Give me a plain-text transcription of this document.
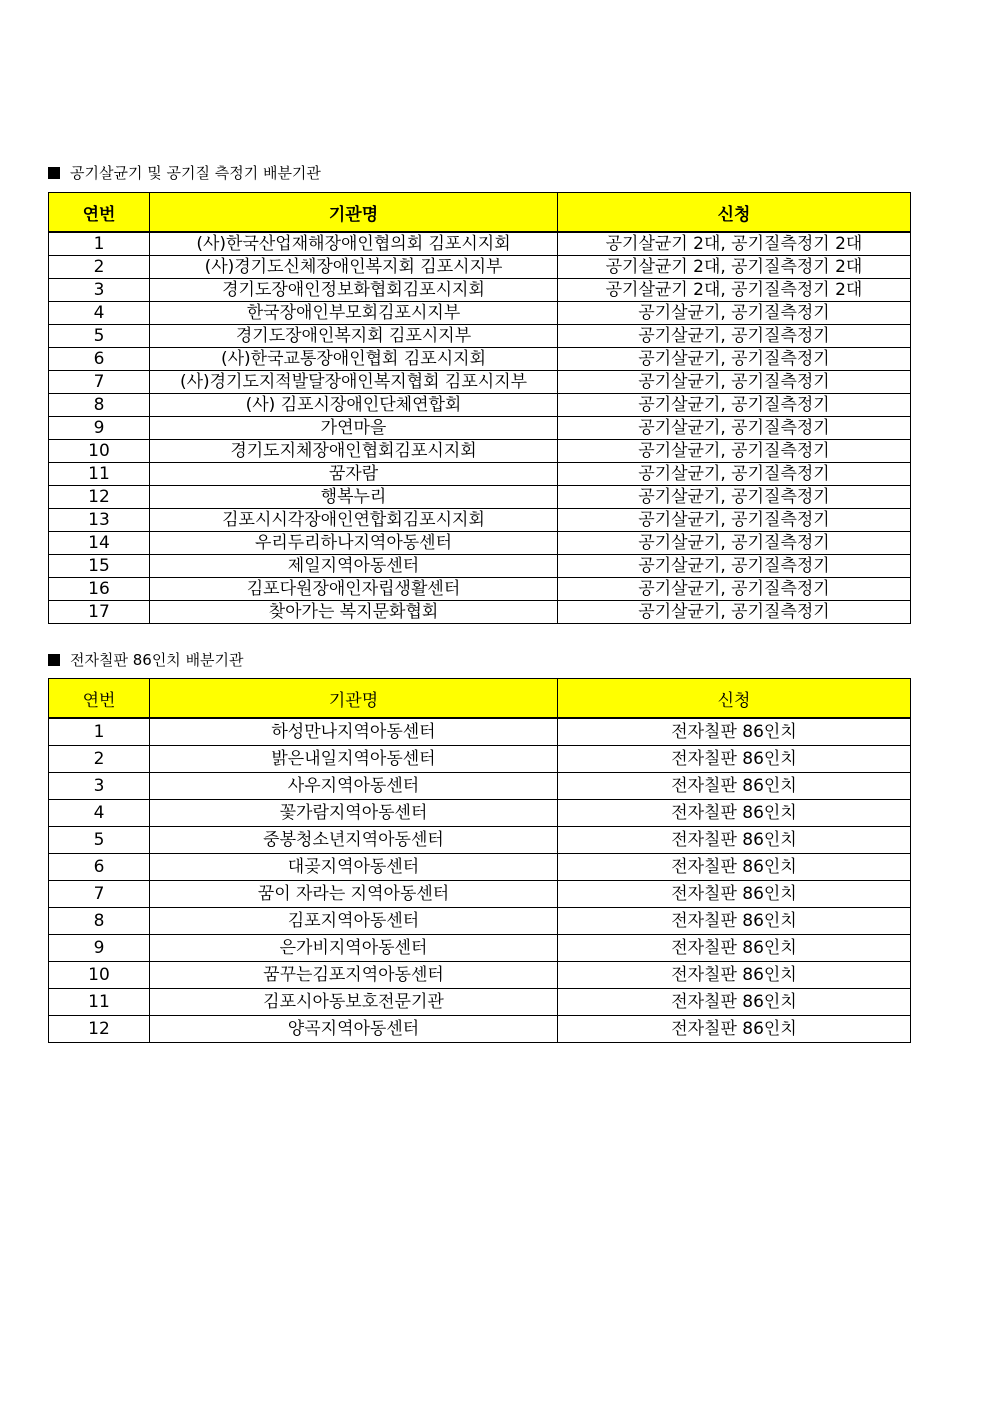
공기살균기 및 공기질 측정기 배분기관
연번	기관명	신청
1	(사)한국산업재해장애인협의회 김포시지회	공기살균기 2대, 공기질측정기 2대
2	(사)경기도신체장애인복지회 김포시지부	공기살균기 2대, 공기질측정기 2대
3	경기도장애인정보화협회김포시지회	공기살균기 2대, 공기질측정기 2대
4	한국장애인부모회김포시지부	공기살균기, 공기질측정기
5	경기도장애인복지회 김포시지부	공기살균기, 공기질측정기
6	(사)한국교통장애인협회 김포시지회	공기살균기, 공기질측정기
7	(사)경기도지적발달장애인복지협회 김포시지부	공기살균기, 공기질측정기
8	(사) 김포시장애인단체연합회	공기살균기, 공기질측정기
9	가연마을	공기살균기, 공기질측정기
10	경기도지체장애인협회김포시지회	공기살균기, 공기질측정기
11	꿈자람	공기살균기, 공기질측정기
12	행복누리	공기살균기, 공기질측정기
13	김포시시각장애인연합회김포시지회	공기살균기, 공기질측정기
14	우리두리하나지역아동센터	공기살균기, 공기질측정기
15	제일지역아동센터	공기살균기, 공기질측정기
16	김포다원장애인자립생활센터	공기살균기, 공기질측정기
17	찾아가는 복지문화협회	공기살균기, 공기질측정기
전자칠판 86인치 배분기관
연번	기관명	신청
1	하성만나지역아동센터	전자칠판 86인치
2	밝은내일지역아동센터	전자칠판 86인치
3	사우지역아동센터	전자칠판 86인치
4	꽃가람지역아동센터	전자칠판 86인치
5	중봉청소년지역아동센터	전자칠판 86인치
6	대곶지역아동센터	전자칠판 86인치
7	꿈이 자라는 지역아동센터	전자칠판 86인치
8	김포지역아동센터	전자칠판 86인치
9	은가비지역아동센터	전자칠판 86인치
10	꿈꾸는김포지역아동센터	전자칠판 86인치
11	김포시아동보호전문기관	전자칠판 86인치
12	양곡지역아동센터	전자칠판 86인치
